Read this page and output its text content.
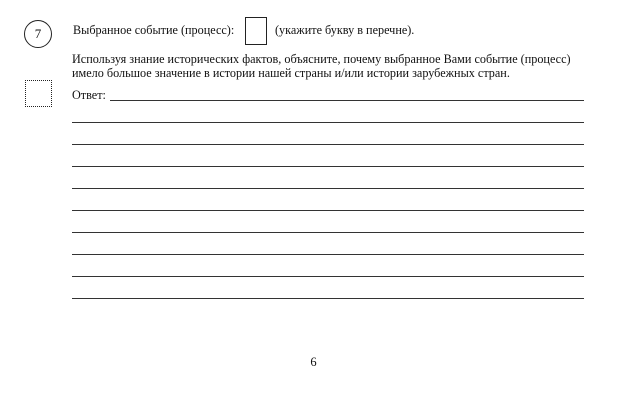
7	Выбранное событие (процесс):	(укажите букву в перечне).
Используя знание исторических фактов, объясните, почему выбранное Вами событие (процесс)
имело большое значение в истории нашей страны и/или истории зарубежных стран.
Ответ:
6
